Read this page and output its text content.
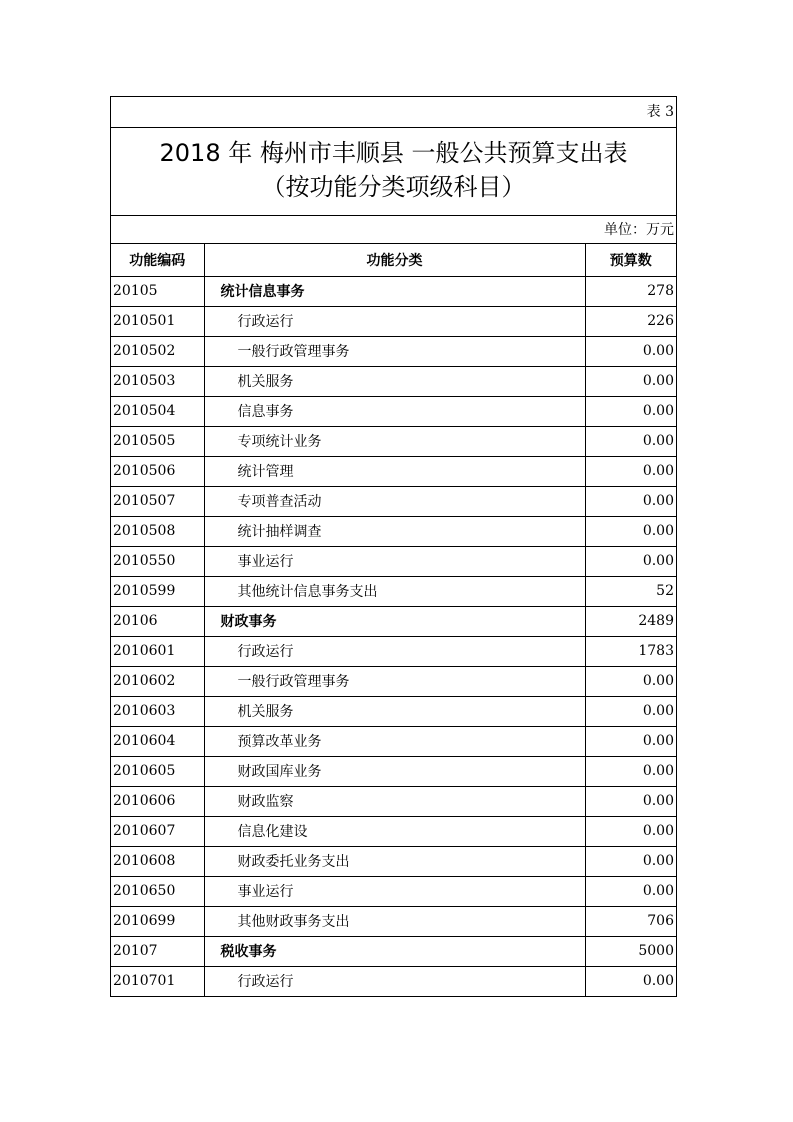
表 3
2018 年 梅州市丰顺县 一般公共预算支出表
（按功能分类项级科目）
单位：万元
功能编码	功能分类	预算数
20105	统计信息事务	278
2010501	行政运行	226
2010502	一般行政管理事务	0.00
2010503	机关服务	0.00
2010504	信息事务	0.00
2010505	专项统计业务	0.00
2010506	统计管理	0.00
2010507	专项普查活动	0.00
2010508	统计抽样调查	0.00
2010550	事业运行	0.00
2010599	其他统计信息事务支出	52
20106	财政事务	2489
2010601	行政运行	1783
2010602	一般行政管理事务	0.00
2010603	机关服务	0.00
2010604	预算改革业务	0.00
2010605	财政国库业务	0.00
2010606	财政监察	0.00
2010607	信息化建设	0.00
2010608	财政委托业务支出	0.00
2010650	事业运行	0.00
2010699	其他财政事务支出	706
20107	税收事务	5000
2010701	行政运行	0.00
